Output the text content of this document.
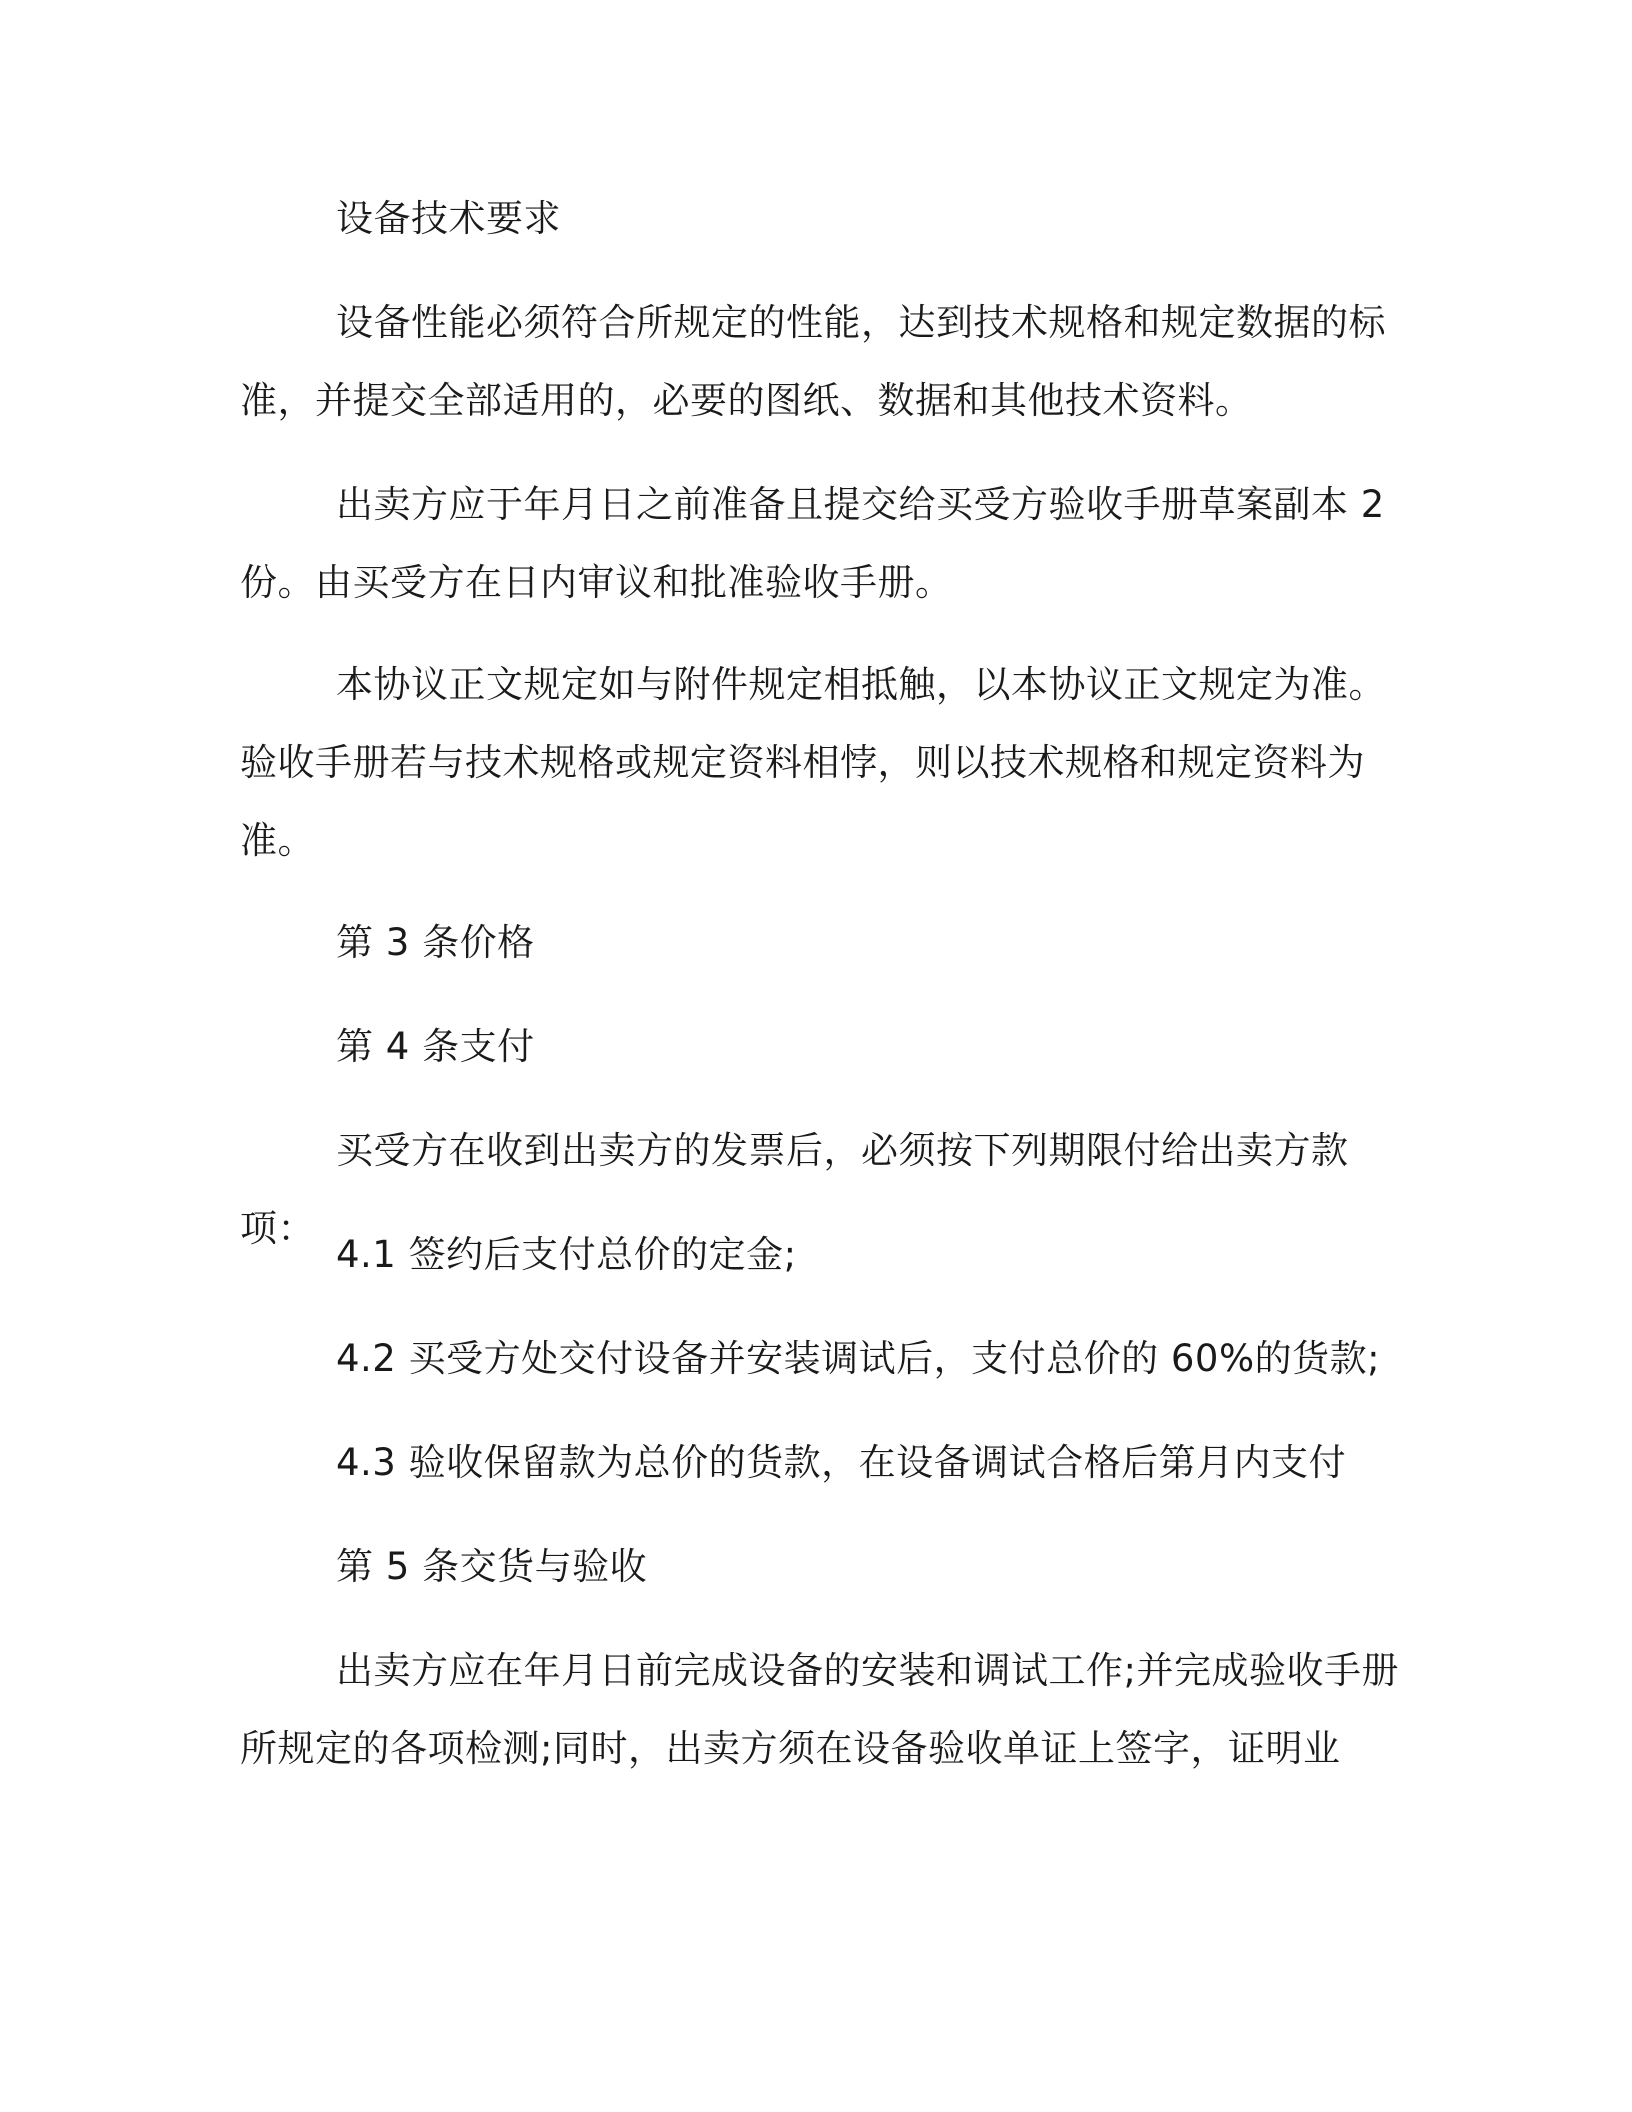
设备技术要求

设备性能必须符合所规定的性能，达到技术规格和规定数据的标准，并提交全部适用的，必要的图纸、数据和其他技术资料。

出卖方应于年月日之前准备且提交给买受方验收手册草案副本 2 份。由买受方在日内审议和批准验收手册。

本协议正文规定如与附件规定相抵触，以本协议正文规定为准。验收手册若与技术规格或规定资料相悖，则以技术规格和规定资料为准。

第 3 条价格

第 4 条支付

买受方在收到出卖方的发票后，必须按下列期限付给出卖方款项：

4.1 签约后支付总价的定金;

4.2 买受方处交付设备并安装调试后，支付总价的 60%的货款;

4.3 验收保留款为总价的货款，在设备调试合格后第月内支付

第 5 条交货与验收

出卖方应在年月日前完成设备的安装和调试工作;并完成验收手册所规定的各项检测;同时，出卖方须在设备验收单证上签字，证明业
